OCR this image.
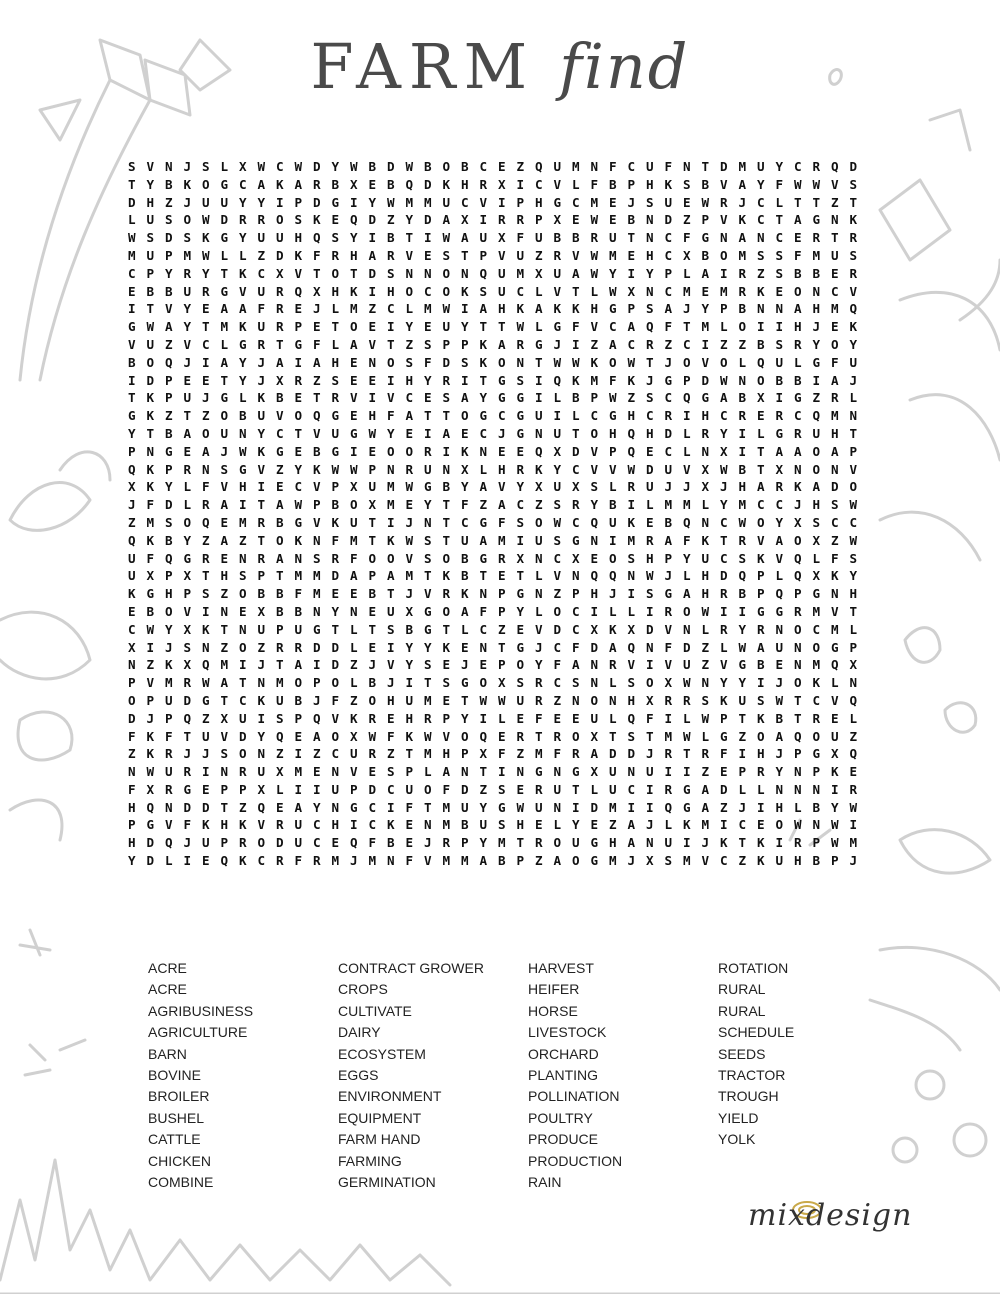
FARM find
S V N J S L X W C W D Y W B D W B O B C E Z Q U M N F C U F N T D M U Y C R Q D
T Y B K O G C A K A R B X E B Q D K H R X I C V L F B P H K S B V A Y F W W V S
D H Z J U U Y Y I P D G I Y W M M U C V I P H G C M E J S U E W R J C L T T Z T
L U S O W D R R O S K E Q D Z Y D A X I R R P X E W E B N D Z P V K C T A G N K
W S D S K G Y U U H Q S Y I B T I W A U X F U B B R U T N C F G N A N C E R T R
M U P M W L L Z D K F R H A R V E S T P V U Z R V W M E H C X B O M S S F M U S
C P Y R Y T K C X V T O T D S N N O N Q U M X U A W Y I Y P L A I R Z S B B E R
E B B U R G V U R Q X H K I H O C O K S U C L V T L W X N C M E M R K E O N C V
I T V Y E A A F R E J L M Z C L M W I A H K A K K H G P S A J Y P B N N A H M Q
G W A Y T M K U R P E T O E I Y E U Y T T W L G F V C A Q F T M L O I I H J E K
V U Z V C L G R T G F L A V T Z S P P K A R G J I Z A C R Z C I Z Z B S R Y O Y
B O Q J I A Y J A I A H E N O S F D S K O N T W W K O W T J O V O L Q U L G F U
I D P E E T Y J X R Z S E E I H Y R I T G S I Q K M F K J G P D W N O B B I A J
T K P U J G L K B E T R V I V C E S A Y G G I L B P W Z S C Q G A B X I G Z R L
G K Z T Z O B U V O Q G E H F A T T O G C G U I L C G H C R I H C R E R C Q M N
Y T B A O U N Y C T V U G W Y E I A E C J G N U T O H Q H D L R Y I L G R U H T
P N G E A J W K G E B G I E O O R I K N E E Q X D V P Q E C L N X I T A A O A P
Q K P R N S G V Z Y K W W P N R U N X L H R K Y C V V W D U V X W B T X N O N V
X K Y L F V H I E C V P X U M W G B Y A V Y X U X S L R U J J X J H A R K A D O
J F D L R A I T A W P B O X M E Y T F Z A C Z S R Y B I L M M L Y M C C J H S W
Z M S O Q E M R B G V K U T I J N T C G F S O W C Q U K E B Q N C W O Y X S C C
Q K B Y Z A Z T O K N F M T K W S T U A M I U S G N I M R A F K T R V A O X Z W
U F Q G R E N R A N S R F O O V S O B G R X N C X E O S H P Y U C S K V Q L F S
U X P X T H S P T M M D A P A M T K B T E T L V N Q Q N W J L H D Q P L Q X K Y
K G H P S Z O B B F M E E B T J V R K N P G N Z P H J I S G A H R B P Q P G N H
E B O V I N E X B B N Y N E U X G O A F P Y L O C I L L I R O W I I G G R M V T
C W Y X K T N U P U G T L T S B G T L C Z E V D C X K X D V N L R Y R N O C M L
X I J S N Z O Z R R D D L E I Y Y K E N T G J C F D A Q N F D Z L W A U N O G P
N Z K X Q M I J T A I D Z J V Y S E J E P O Y F A N R V I V U Z V G B E N M Q X
P V M R W A T N M O P O L B J I T S G O X S R C S N L S O X W N Y Y I J O K L N
O P U D G T C K U B J F Z O H U M E T W W U R Z N O N H X R R S K U S W T C V Q
D J P Q Z X U I S P Q V K R E H R P Y I L E F E E U L Q F I L W P T K B T R E L
F K F T U V D Y Q E A O X W F K W V O Q E R T R O X T S T M W L G Z O A Q O U Z
Z K R J J S O N Z I Z C U R Z T M H P X F Z M F R A D D J R T R F I H J P G X Q
N W U R I N R U X M E N V E S P L A N T I N G N G X U N U I I Z E P R Y N P K E
F X R G E P P X L I I U P D C U O F D Z S E R U T L U C I R G A D L L N N N I R
H Q N D D T Z Q E A Y N G C I F T M U Y G W U N I D M I I Q G A Z J I H L B Y W
P G V F K H K V R U C H I C K E N M B U S H E L Y E Z A J L K M I C E O W N W I
H D Q J U P R O D U C E Q F B E J R P Y M T R O U G H A N U I J K T K I R P W M
Y D L I E Q K C R F R M J M N F V M M A B P Z A O G M J X S M V C Z K U H B P J
ACRE
ACRE
AGRIBUSINESS
AGRICULTURE
BARN
BOVINE
BROILER
BUSHEL
CATTLE
CHICKEN
COMBINE
CONTRACT GROWER
CROPS
CULTIVATE
DAIRY
ECOSYSTEM
EGGS
ENVIRONMENT
EQUIPMENT
FARM HAND
FARMING
GERMINATION
HARVEST
HEIFER
HORSE
LIVESTOCK
ORCHARD
PLANTING
POLLINATION
POULTRY
PRODUCE
PRODUCTION
RAIN
ROTATION
RURAL
RURAL
SCHEDULE
SEEDS
TRACTOR
TROUGH
YIELD
YOLK
mixdesign
